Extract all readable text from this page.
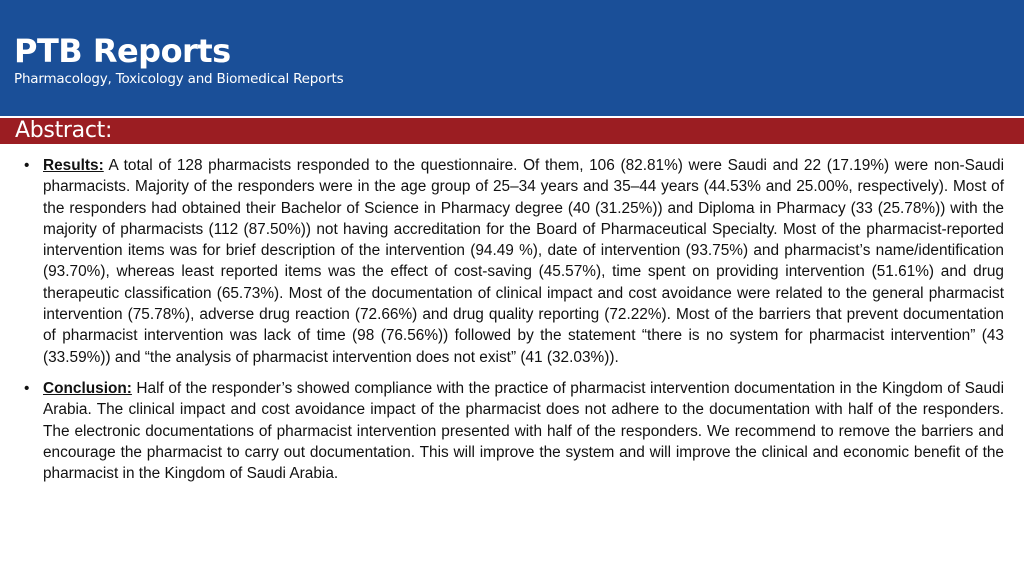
PTB Reports
Pharmacology, Toxicology and Biomedical Reports
Abstract:
• Results: A total of 128 pharmacists responded to the questionnaire. Of them, 106 (82.81%) were Saudi and 22 (17.19%) were non-Saudi pharmacists. Majority of the responders were in the age group of 25–34 years and 35–44 years (44.53% and 25.00%, respectively). Most of the responders had obtained their Bachelor of Science in Pharmacy degree (40 (31.25%)) and Diploma in Pharmacy (33 (25.78%)) with the majority of pharmacists (112 (87.50%)) not having accreditation for the Board of Pharmaceutical Specialty. Most of the pharmacist-reported intervention items was for brief description of the intervention (94.49 %), date of intervention (93.75%) and pharmacist’s name/identification (93.70%), whereas least reported items was the effect of cost-saving (45.57%), time spent on providing intervention (51.61%) and drug therapeutic classification (65.73%). Most of the documentation of clinical impact and cost avoidance were related to the general pharmacist intervention (75.78%), adverse drug reaction (72.66%) and drug quality reporting (72.22%). Most of the barriers that prevent documentation of pharmacist intervention was lack of time (98 (76.56%)) followed by the statement “there is no system for pharmacist intervention” (43 (33.59%)) and “the analysis of pharmacist intervention does not exist” (41 (32.03%)).
• Conclusion: Half of the responder’s showed compliance with the practice of pharmacist intervention documentation in the Kingdom of Saudi Arabia. The clinical impact and cost avoidance impact of the pharmacist does not adhere to the documentation with half of the responders. The electronic documentations of pharmacist intervention presented with half of the responders. We recommend to remove the barriers and encourage the pharmacist to carry out documentation. This will improve the system and will improve the clinical and economic benefit of the pharmacist in the Kingdom of Saudi Arabia.
